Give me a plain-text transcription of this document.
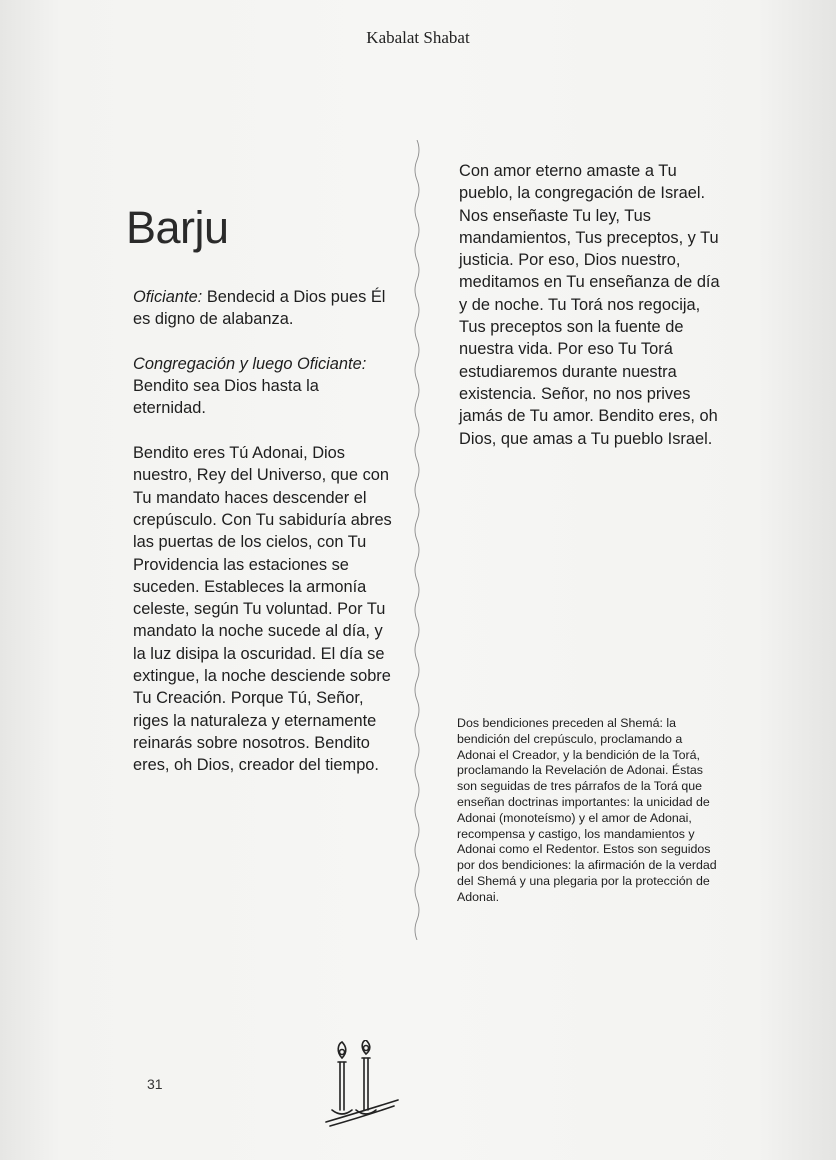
Kabalat Shabat
Barju

Oficiante: Bendecid a Dios pues Él es digno de alabanza.

Congregación y luego Oficiante: Bendito sea Dios hasta la eternidad.

Bendito eres Tú Adonai, Dios nuestro, Rey del Universo, que con Tu mandato haces descender el crepúsculo. Con Tu sabiduría abres las puertas de los cielos, con Tu Providencia las estaciones se suceden. Estableces la armonía celeste, según Tu voluntad. Por Tu mandato la noche sucede al día, y la luz disipa la oscuridad. El día se extingue, la noche desciende sobre Tu Creación. Porque Tú, Señor, riges la naturaleza y eternamente reinarás sobre nosotros. Bendito eres, oh Dios, creador del tiempo.

Con amor eterno amaste a Tu pueblo, la congregación de Israel. Nos enseñaste Tu ley, Tus mandamientos, Tus preceptos, y Tu justicia. Por eso, Dios nuestro, meditamos en Tu enseñanza de día y de noche. Tu Torá nos regocija, Tus preceptos son la fuente de nuestra vida. Por eso Tu Torá estudiaremos durante nuestra existencia. Señor, no nos prives jamás de Tu amor. Bendito eres, oh Dios, que amas a Tu pueblo Israel.

Dos bendiciones preceden al Shemá: la bendición del crepúsculo, proclamando a Adonai el Creador, y la bendición de la Torá, proclamando la Revelación de Adonai. Éstas son seguidas de tres párrafos de la Torá que enseñan doctrinas importantes: la unicidad de Adonai (monoteísmo) y el amor de Adonai, recompensa y castigo, los mandamientos y Adonai como el Redentor. Estos son seguidos por dos bendiciones: la afirmación de la verdad del Shemá y una plegaria por la protección de Adonai.

31
